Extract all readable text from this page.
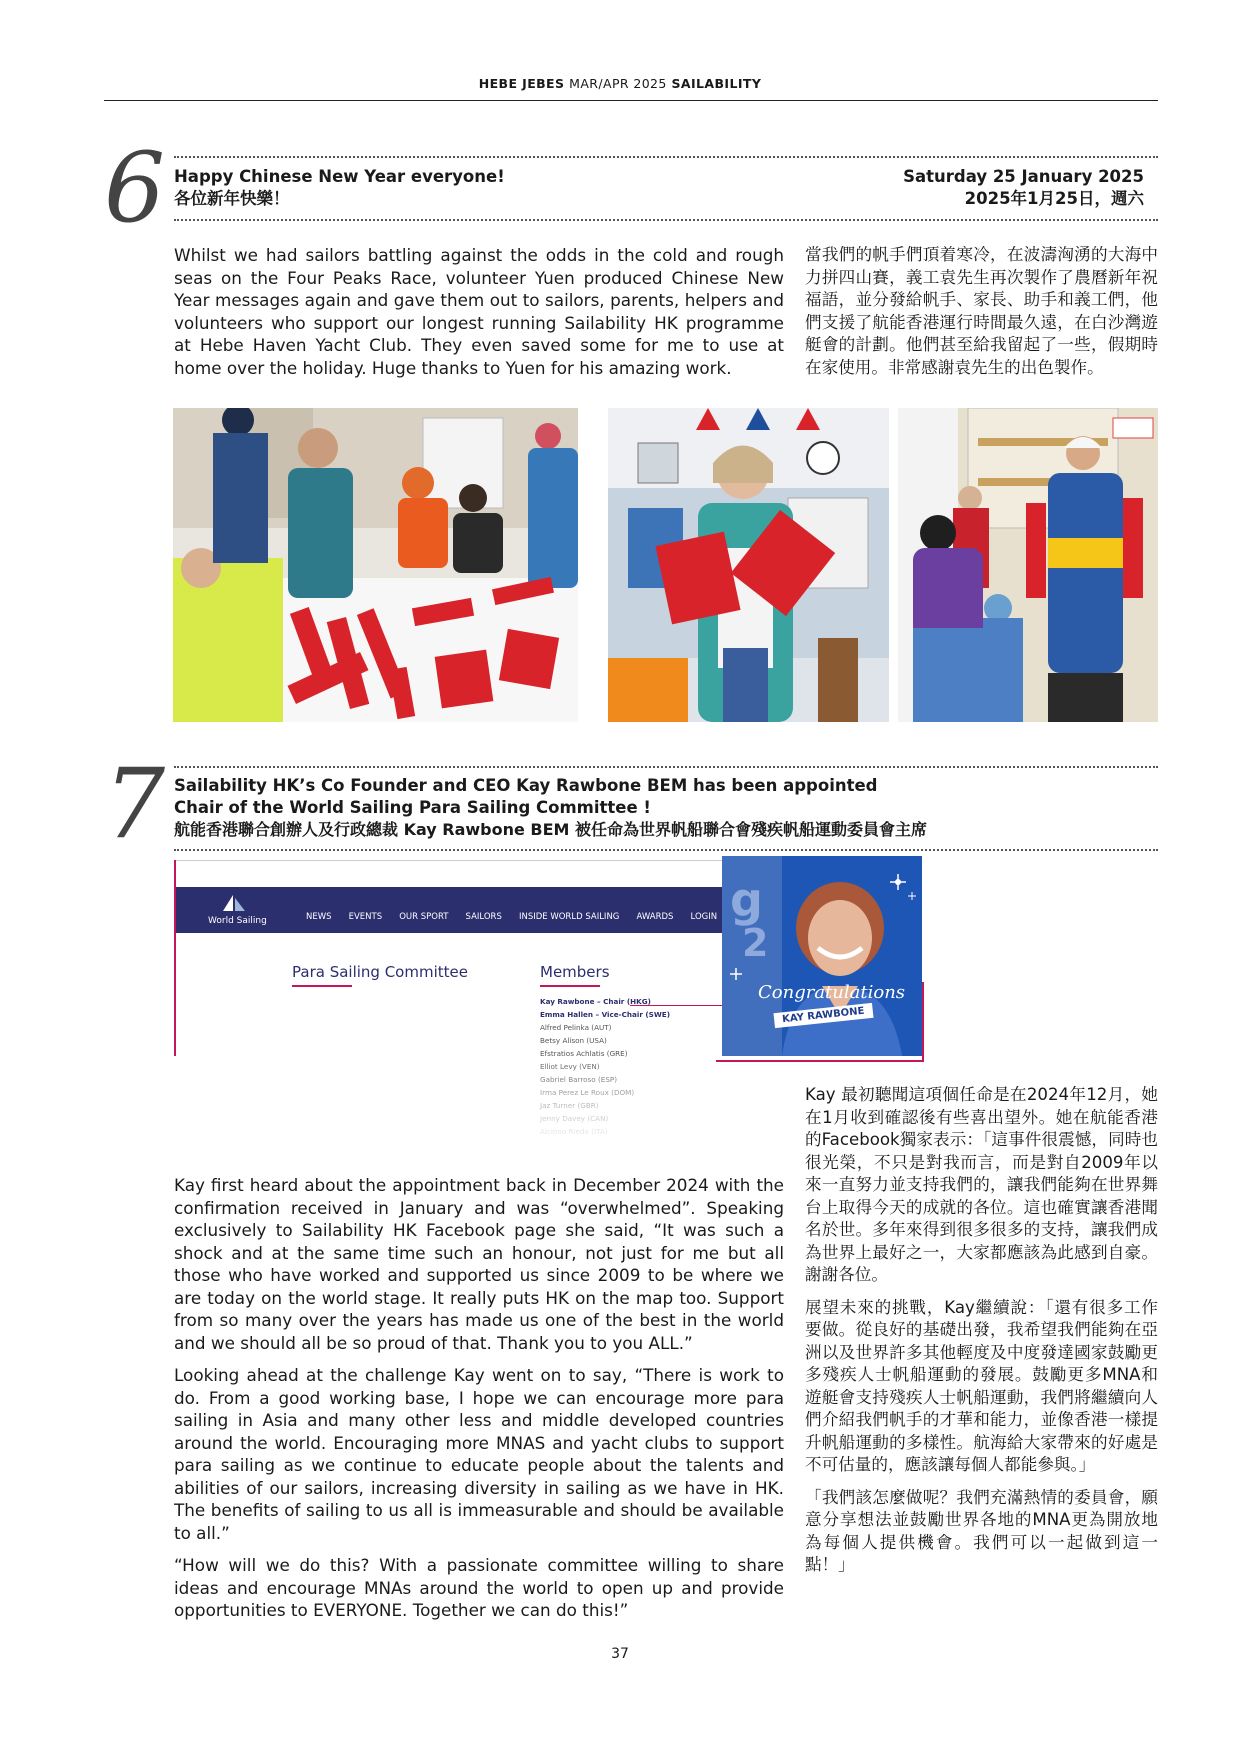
HEBE JEBES MAR/APR 2025 SAILABILITY
6 Happy Chinese New Year everyone!
各位新年快樂！
Saturday 25 January 2025
2025年1月25日，週六
Whilst we had sailors battling against the odds in the cold and rough seas on the Four Peaks Race, volunteer Yuen produced Chinese New Year messages again and gave them out to sailors, parents, helpers and volunteers who support our longest running Sailability HK programme at Hebe Haven Yacht Club. They even saved some for me to use at home over the holiday. Huge thanks to Yuen for his amazing work.
當我們的帆手們頂着寒冷，在波濤洶湧的大海中力拼四山賽，義工袁先生再次製作了農曆新年祝福語，並分發給帆手、家長、助手和義工們，他們支援了航能香港運行時間最久遠，在白沙灣遊艇會的計劃。他們甚至給我留起了一些，假期時在家使用。非常感謝袁先生的出色製作。
7 Sailability HK’s Co Founder and CEO Kay Rawbone BEM has been appointed
Chair of the World Sailing Para Sailing Committee !
航能香港聯合創辦人及行政總裁 Kay Rawbone BEM 被任命為世界帆船聯合會殘疾帆船運動委員會主席
World Sailing	NEWS EVENTS OUR SPORT SAILORS INSIDE WORLD SAILING AWARDS LOGIN
Para Sailing Committee	Members
Kay Rawbone – Chair (HKG)
Emma Hallen – Vice-Chair (SWE)
Alfred Pelinka (AUT)
Betsy Alison (USA)
Efstratios Achlatis (GRE)
Elliot Levy (VEN)
Gabriel Barroso (ESP)
Irma Perez Le Roux (DOM)
Jaz Turner (GBR)
Jenny Davey (CAN)
Alcinoo Riedo (ITA)
g
2
Congratulations
KAY RAWBONE

Kay first heard about the appointment back in December 2024 with the confirmation received in January and was “overwhelmed”. Speaking exclusively to Sailability HK Facebook page she said, “It was such a shock and at the same time such an honour, not just for me but all those who have worked and supported us since 2009 to be where we are today on the world stage. It really puts HK on the map too. Support from so many over the years has made us one of the best in the world and we should all be so proud of that. Thank you to you ALL.”

Looking ahead at the challenge Kay went on to say, “There is work to do. From a good working base, I hope we can encourage more para sailing in Asia and many other less and middle developed countries around the world. Encouraging more MNAS and yacht clubs to support para sailing as we continue to educate people about the talents and abilities of our sailors, increasing diversity in sailing as we have in HK. The benefits of sailing to us all is immeasurable and should be available to all.”

“How will we do this? With a passionate committee willing to share ideas and encourage MNAs around the world to open up and provide opportunities to EVERYONE. Together we can do this!”

Kay 最初聽聞這項個任命是在2024年12月，她在1月收到確認後有些喜出望外。她在航能香港的Facebook獨家表示：「這事件很震憾，同時也很光榮，不只是對我而言，而是對自2009年以來一直努力並支持我們的，讓我們能夠在世界舞台上取得今天的成就的各位。這也確實讓香港聞名於世。多年來得到很多很多的支持，讓我們成為世界上最好之一，大家都應該為此感到自豪。謝謝各位。

展望未來的挑戰，Kay繼續說：「還有很多工作要做。從良好的基礎出發，我希望我們能夠在亞洲以及世界許多其他輕度及中度發達國家鼓勵更多殘疾人士帆船運動的發展。鼓勵更多MNA和遊艇會支持殘疾人士帆船運動，我們將繼續向人們介紹我們帆手的才華和能力，並像香港一樣提升帆船運動的多樣性。航海給大家帶來的好處是不可估量的，應該讓每個人都能參與。」

「我們該怎麼做呢？我們充滿熱情的委員會，願意分享想法並鼓勵世界各地的MNA更為開放地為每個人提供機會。我們可以一起做到這一點！」

37
